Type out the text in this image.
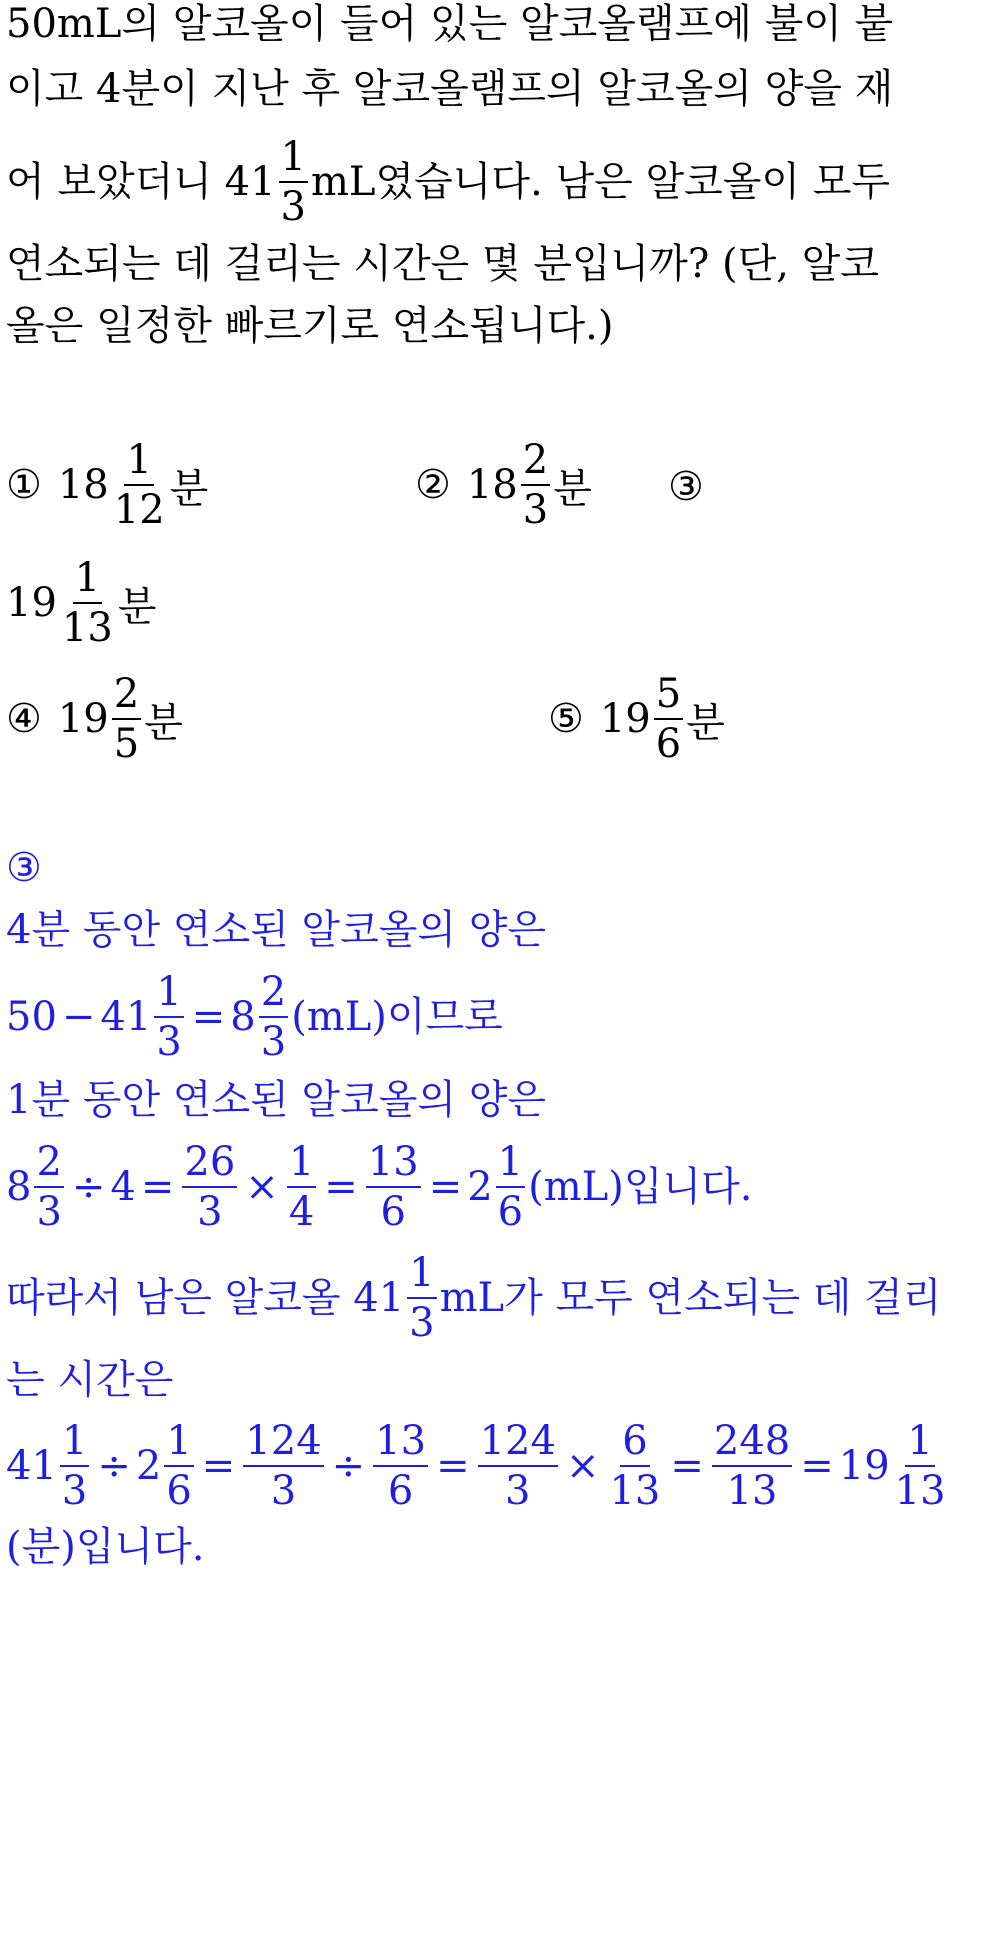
50mL의 알코올이 들어 있는 알코올램프에 불이 붙
이고 4분이 지난 후 알코올램프의 알코올의 양을 재
어 보았더니 $41 \frac{1}{3}$ mL였습니다. 남은 알코올이 모두
연소되는 데 걸리는 시간은 몇 분입니까? (단, 알코
올은 일정한 빠르기로 연소됩니다.)
① $18 \frac{1}{12}$ 분	② $18 \frac{2}{3}$ 분 ③
$19 \frac{1}{13}$ 분
④ $19 \frac{2}{5}$ 분	⑤ $19 \frac{5}{6}$ 분
③
4분 동안 연소된 알코올의 양은
$50 - 41 \frac{1}{3} = 8 \frac{2}{3} (mL)$이므로
1분 동안 연소된 알코올의 양은
$8 \frac{2}{3} \div 4 = \frac{26}{3} \times \frac{1}{4} = \frac{13}{6} = 2 \frac{1}{6} (mL)$입니다.
따라서 남은 알코올 $41 \frac{1}{3}$ mL가 모두 연소되는 데 걸리
는 시간은
$41 \frac{1}{3} \div 2 \frac{1}{6} = \frac{124}{3} \div \frac{13}{6} = \frac{124}{3} \times \frac{6}{13} = \frac{248}{13} = 19 \frac{1}{13}$
(분)입니다.
